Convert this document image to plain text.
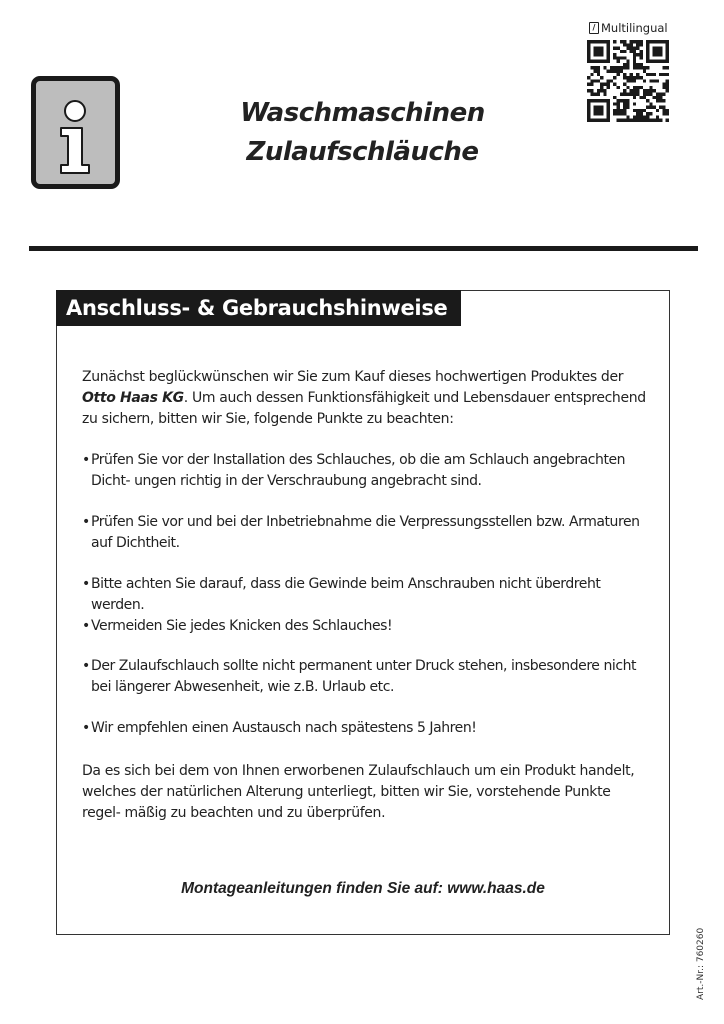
Waschmaschinen
Zulaufschläuche
/ Multilingual
Anschluss- & Gebrauchshinweise
Zunächst beglückwünschen wir Sie zum Kauf dieses hochwertigen Produktes der Otto Haas KG. Um auch dessen Funktionsfähigkeit und Lebensdauer entsprechend zu sichern, bitten wir Sie, folgende Punkte zu beachten:
• Prüfen Sie vor der Installation des Schlauches, ob die am Schlauch angebrachten Dicht- ungen richtig in der Verschraubung angebracht sind.
• Prüfen Sie vor und bei der Inbetriebnahme die Verpressungsstellen bzw. Armaturen auf Dichtheit.
• Bitte achten Sie darauf, dass die Gewinde beim Anschrauben nicht überdreht werden.
• Vermeiden Sie jedes Knicken des Schlauches!
• Der Zulaufschlauch sollte nicht permanent unter Druck stehen, insbesondere nicht bei längerer Abwesenheit, wie z.B. Urlaub etc.
• Wir empfehlen einen Austausch nach spätestens 5 Jahren!
Da es sich bei dem von Ihnen erworbenen Zulaufschlauch um ein Produkt handelt, welches der natürlichen Alterung unterliegt, bitten wir Sie, vorstehende Punkte regel- mäßig zu beachten und zu überprüfen.
Montageanleitungen finden Sie auf: www.haas.de
Art.-Nr.: 760260
